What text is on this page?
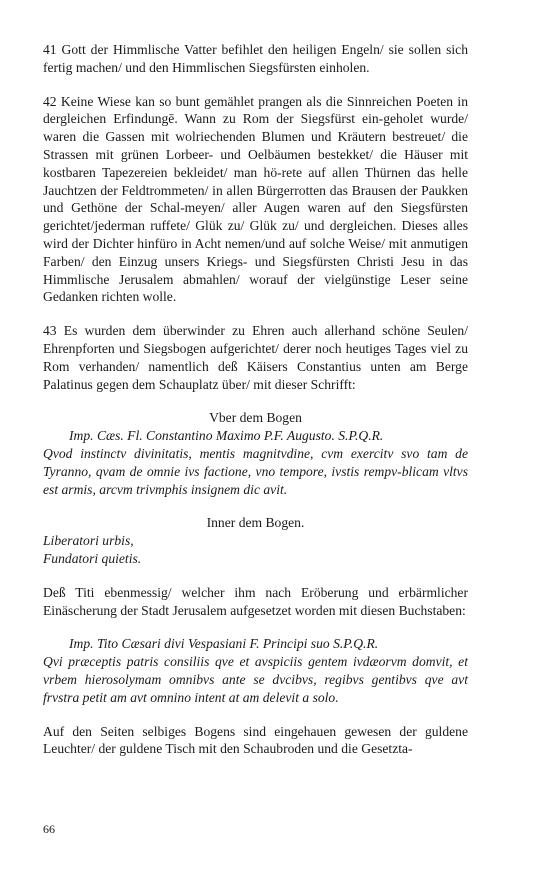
41 Gott der Himmlische Vatter befihlet den heiligen Engeln/ sie sollen sich fertig machen/ und den Himmlischen Siegsfürsten einholen.

42 Keine Wiese kan so bunt gemählet prangen als die Sinnreichen Poeten in dergleichen Erfindungē. Wann zu Rom der Siegsfürst ein-geholet wurde/ waren die Gassen mit wolriechenden Blumen und Kräutern bestreuet/ die Strassen mit grünen Lorbeer- und Oelbäumen bestekket/ die Häuser mit kostbaren Tapezereien bekleidet/ man hö-rete auf allen Thürnen das helle Jauchtzen der Feldtrommeten/ in allen Bürgerrotten das Brausen der Paukken und Gethöne der Schal-meyen/ aller Augen waren auf den Siegsfürsten gerichtet/jederman ruffete/ Glük zu/ Glük zu/ und dergleichen. Dieses alles wird der Dichter hinfüro in Acht nemen/und auf solche Weise/ mit anmutigen Farben/ den Einzug unsers Kriegs- und Siegsfürsten Christi Jesu in das Himmlische Jerusalem abmahlen/ worauf der vielgünstige Leser seine Gedanken richten wolle.

43 Es wurden dem überwinder zu Ehren auch allerhand schöne Seulen/ Ehrenpforten und Siegsbogen aufgerichtet/ derer noch heutiges Tages viel zu Rom verhanden/ namentlich deß Käisers Constantius unten am Berge Palatinus gegen dem Schauplatz über/ mit dieser Schrifft:

Vber dem Bogen

Imp. Cæs. Fl. Constantino Maximo P.F. Augusto. S.P.Q.R.

Qvod instinctv divinitatis, mentis magnitvdine, cvm exercitv svo tam de Tyranno, qvam de omnie ivs factione, vno tempore, ivstis rempv-blicam vltvs est armis, arcvm trivmphis insignem dic avit.

Inner dem Bogen.

Liberatori urbis,

Fundatori quietis.

Deß Titi ebenmessig/ welcher ihm nach Eröberung und erbärmlicher Einäscherung der Stadt Jerusalem aufgesetzet worden mit diesen Buchstaben:

Imp. Tito Cæsari divi Vespasiani F. Principi suo S.P.Q.R.

Qvi præceptis patris consiliis qve et avspiciis gentem ivdæorvm domvit, et vrbem hierosolymam omnibvs ante se dvcibvs, regibvs gentibvs qve avt frvstra petit am avt omnino intent at am delevit a solo.

Auf den Seiten selbiges Bogens sind eingehauen gewesen der guldene Leuchter/ der guldene Tisch mit den Schaubroden und die Gesetzta-

66
